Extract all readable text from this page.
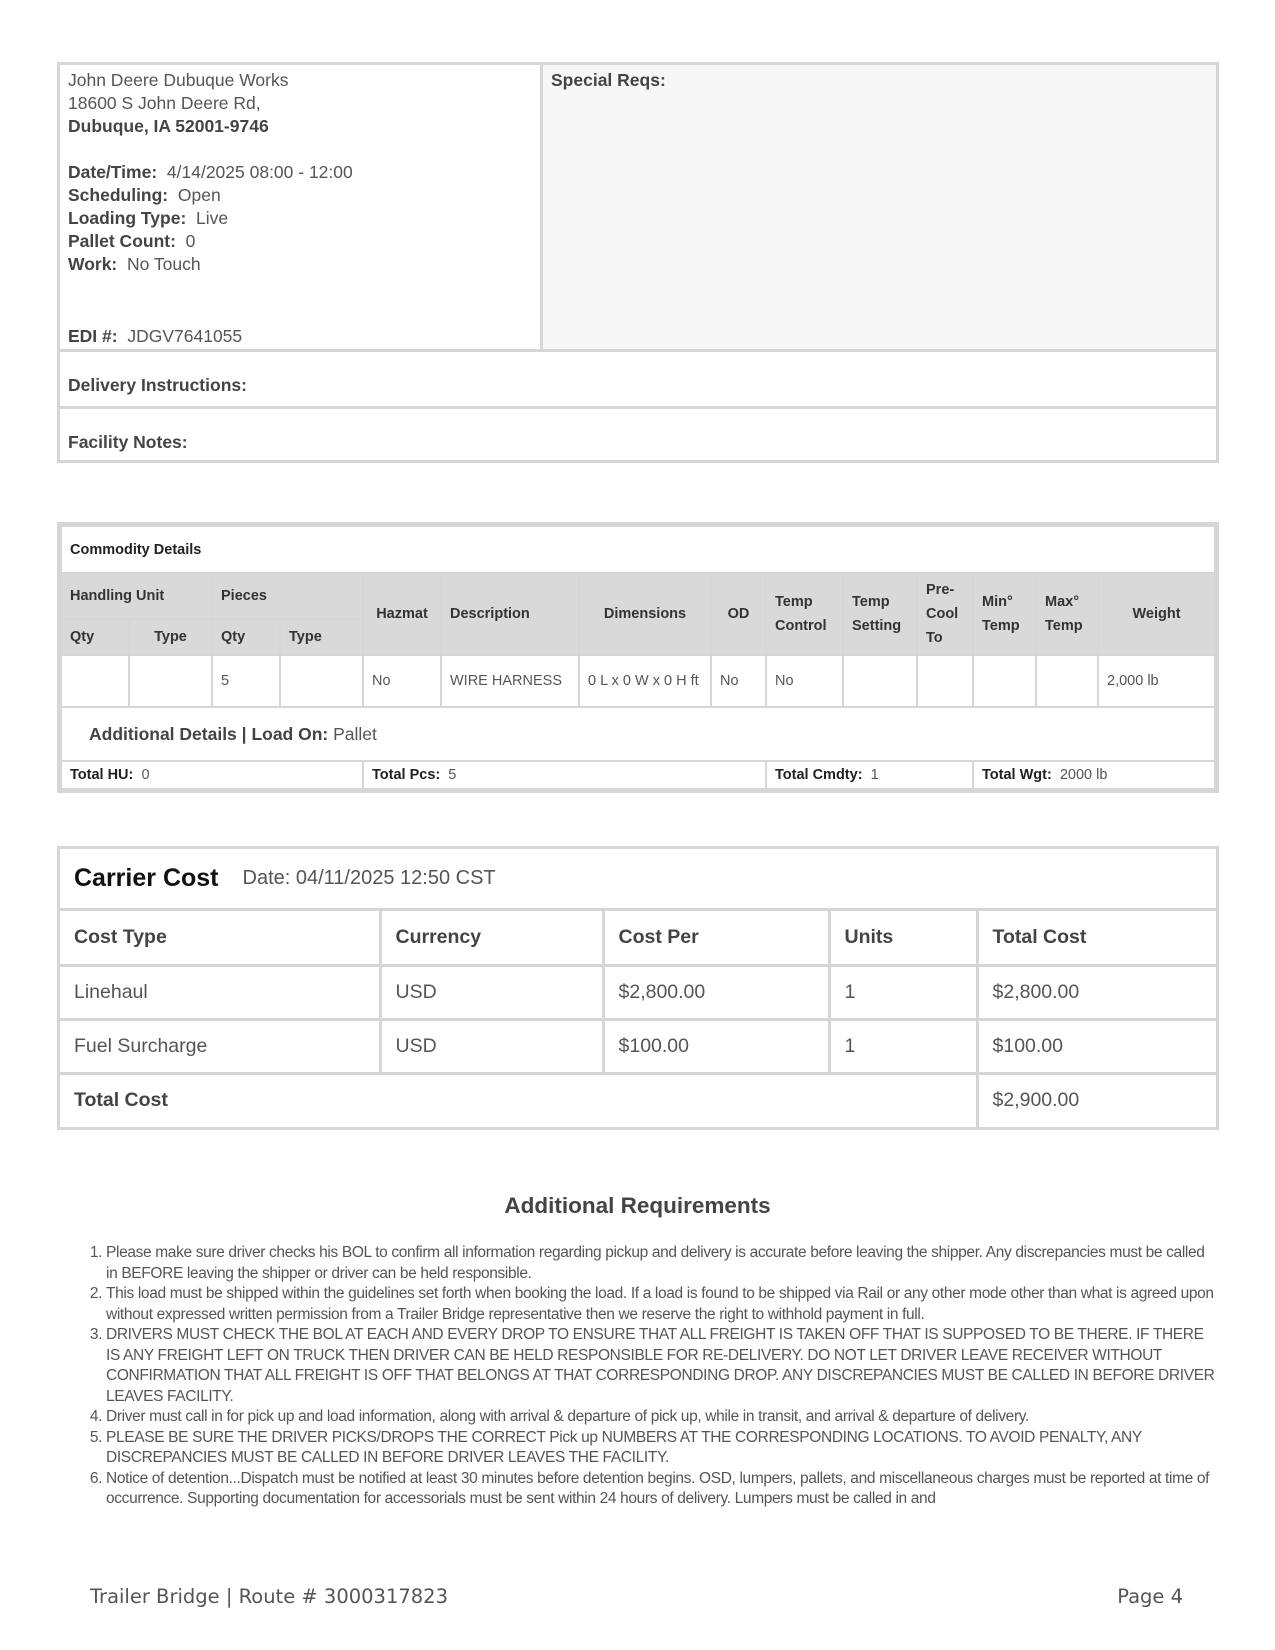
John Deere Dubuque Works
18600 S John Deere Rd,
Dubuque, IA 52001-9746
Date/Time: 4/14/2025 08:00 - 12:00
Scheduling: Open
Loading Type: Live
Pallet Count: 0
Work: No Touch
EDI #: JDGV7641055
Special Reqs:
Delivery Instructions:
Facility Notes:
Commodity Details													
Handling Unit		Pieces		Hazmat	Description	Dimensions	OD	Temp Control	Temp Setting	Pre-Cool To	Min° Temp	Max° Temp	Weight
Qty	Type	Qty	Type										
		5		No	WIRE HARNESS	0 L x 0 W x 0 H ft	No	No					2,000 lb
Additional Details | Load On: Pallet													
Total HU: 0				Total Pcs: 5				Total Cmdty: 1			Total Wgt: 2000 lb		
Carrier Cost Date: 04/11/2025 12:50 CST
Cost Type	Currency	Cost Per	Units	Total Cost
Linehaul	USD	$2,800.00	1	$2,800.00
Fuel Surcharge	USD	$100.00	1	$100.00
Total Cost				$2,900.00
Additional Requirements
1. Please make sure driver checks his BOL to confirm all information regarding pickup and delivery is accurate before leaving the shipper. Any discrepancies must be called in BEFORE leaving the shipper or driver can be held responsible.
2. This load must be shipped within the guidelines set forth when booking the load. If a load is found to be shipped via Rail or any other mode other than what is agreed upon without expressed written permission from a Trailer Bridge representative then we reserve the right to withhold payment in full.
3. DRIVERS MUST CHECK THE BOL AT EACH AND EVERY DROP TO ENSURE THAT ALL FREIGHT IS TAKEN OFF THAT IS SUPPOSED TO BE THERE. IF THERE IS ANY FREIGHT LEFT ON TRUCK THEN DRIVER CAN BE HELD RESPONSIBLE FOR RE-DELIVERY. DO NOT LET DRIVER LEAVE RECEIVER WITHOUT CONFIRMATION THAT ALL FREIGHT IS OFF THAT BELONGS AT THAT CORRESPONDING DROP. ANY DISCREPANCIES MUST BE CALLED IN BEFORE DRIVER LEAVES FACILITY.
4. Driver must call in for pick up and load information, along with arrival & departure of pick up, while in transit, and arrival & departure of delivery.
5. PLEASE BE SURE THE DRIVER PICKS/DROPS THE CORRECT Pick up NUMBERS AT THE CORRESPONDING LOCATIONS. TO AVOID PENALTY, ANY DISCREPANCIES MUST BE CALLED IN BEFORE DRIVER LEAVES THE FACILITY.
6. Notice of detention...Dispatch must be notified at least 30 minutes before detention begins. OSD, lumpers, pallets, and miscellaneous charges must be reported at time of occurrence. Supporting documentation for accessorials must be sent within 24 hours of delivery. Lumpers must be called in and
Trailer Bridge | Route # 3000317823	Page 4
